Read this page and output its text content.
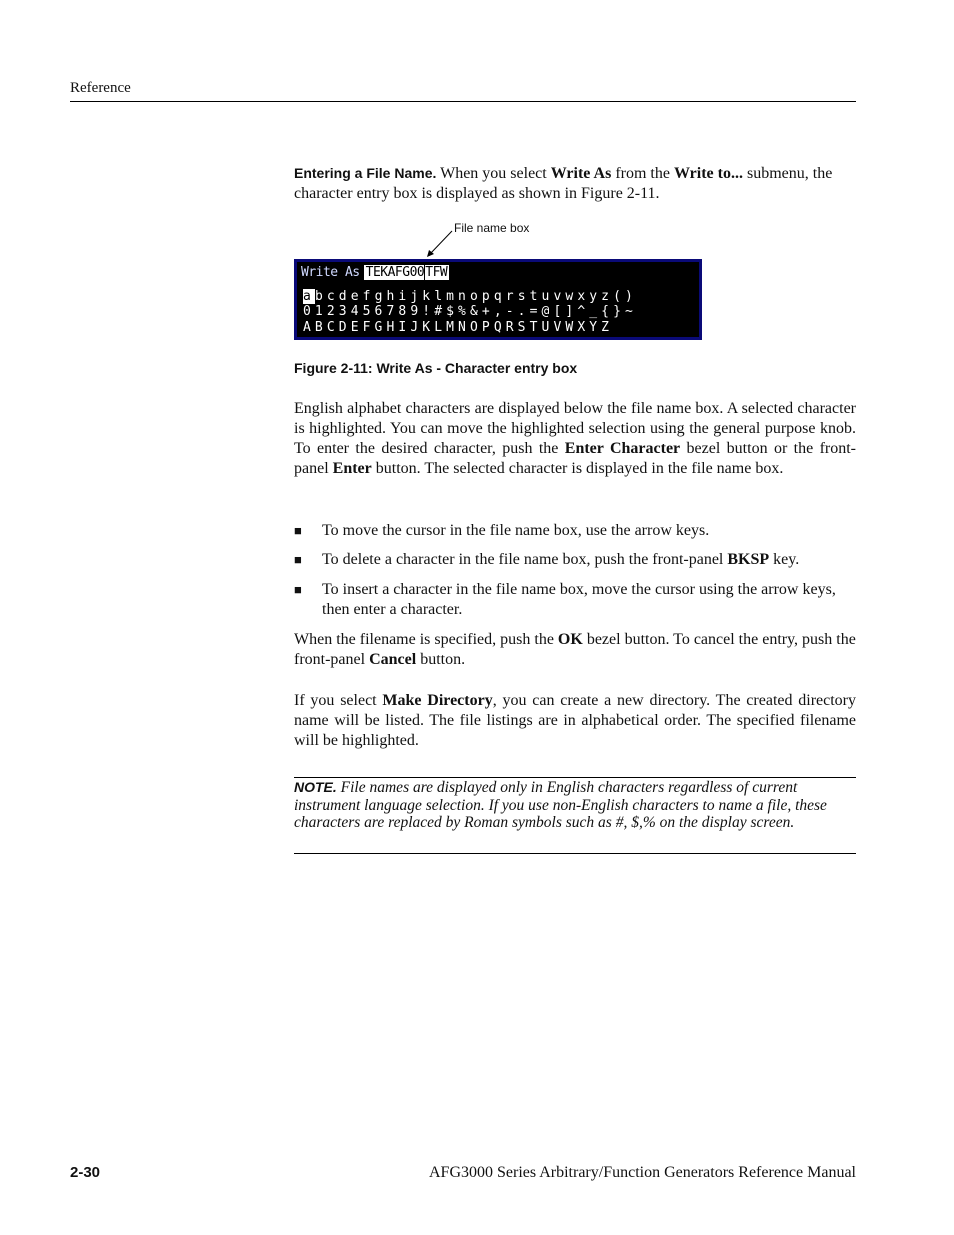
Reference
Entering a File Name. When you select Write As from the Write to... submenu, the character entry box is displayed as shown in Figure 2-11.
File name box
Write As TEKAFG00TFW
abcdefghijklmnopqrstuvwxyz()
0123456789!#$%&+,-.=@[]^_{}~
ABCDEFGHIJKLMNOPQRSTUVWXYZ
Figure 2-11: Write As - Character entry box
English alphabet characters are displayed below the file name box. A selected character is highlighted. You can move the highlighted selection using the general purpose knob. To enter the desired character, push the Enter Character bezel button or the front-panel Enter button. The selected character is displayed in the file name box.
■	To move the cursor in the file name box, use the arrow keys.
■	To delete a character in the file name box, push the front-panel BKSP key.
■	To insert a character in the file name box, move the cursor using the arrow keys, then enter a character.
When the filename is specified, push the OK bezel button. To cancel the entry, push the front-panel Cancel button.
If you select Make Directory, you can create a new directory. The created directory name will be listed. The file listings are in alphabetical order. The specified filename will be highlighted.
NOTE. File names are displayed only in English characters regardless of current instrument language selection. If you use non-English characters to name a file, these characters are replaced by Roman symbols such as #, $,% on the display screen.
2-30	AFG3000 Series Arbitrary/Function Generators Reference Manual
